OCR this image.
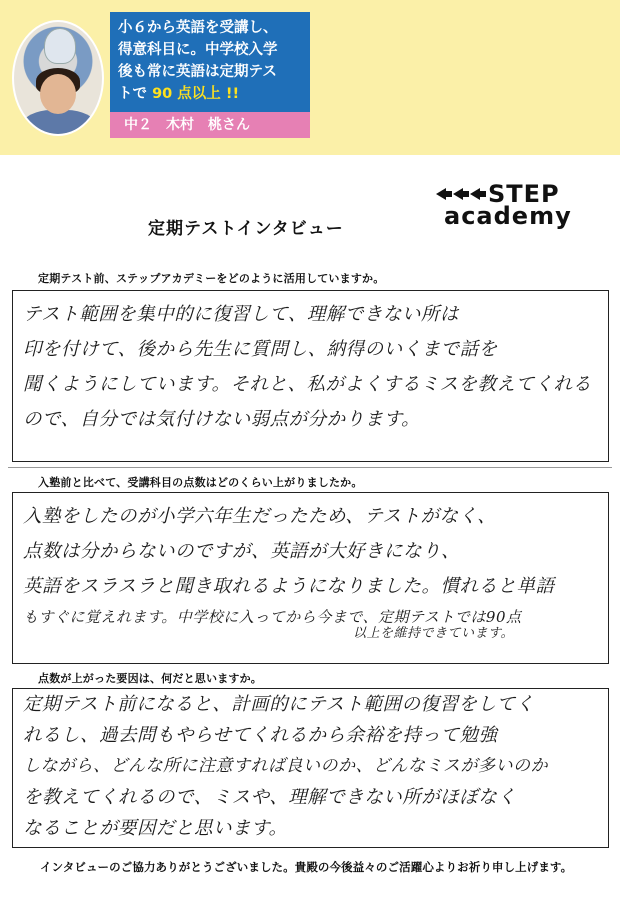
小６から英語を受講し、
得意科目に。中学校入学
後も常に英語は定期テス
トで 90 点以上 !!
中２　木村　桃さん
STEP
academy
定期テストインタビュー
定期テスト前、ステップアカデミーをどのように活用していますか。
テスト範囲を集中的に復習して、理解できない所は
印を付けて、後から先生に質問し、納得のいくまで話を
聞くようにしています。それと、私がよくするミスを教えてくれる
ので、自分では気付けない弱点が分かります。
入塾前と比べて、受講科目の点数はどのくらい上がりましたか。
入塾をしたのが小学六年生だったため、テストがなく、
点数は分からないのですが、英語が大好きになり、
英語をスラスラと聞き取れるようになりました。慣れると単語
もすぐに覚えれます。中学校に入ってから今まで、定期テストでは90点
以上を維持できています。
点数が上がった要因は、何だと思いますか。
定期テスト前になると、計画的にテスト範囲の復習をしてく
れるし、過去問もやらせてくれるから余裕を持って勉強
しながら、どんな所に注意すれば良いのか、どんなミスが多いのか
を教えてくれるので、ミスや、理解できない所がほぼなく
なることが要因だと思います。
インタビューのご協力ありがとうございました。貴殿の今後益々のご活躍心よりお祈り申し上げます。
